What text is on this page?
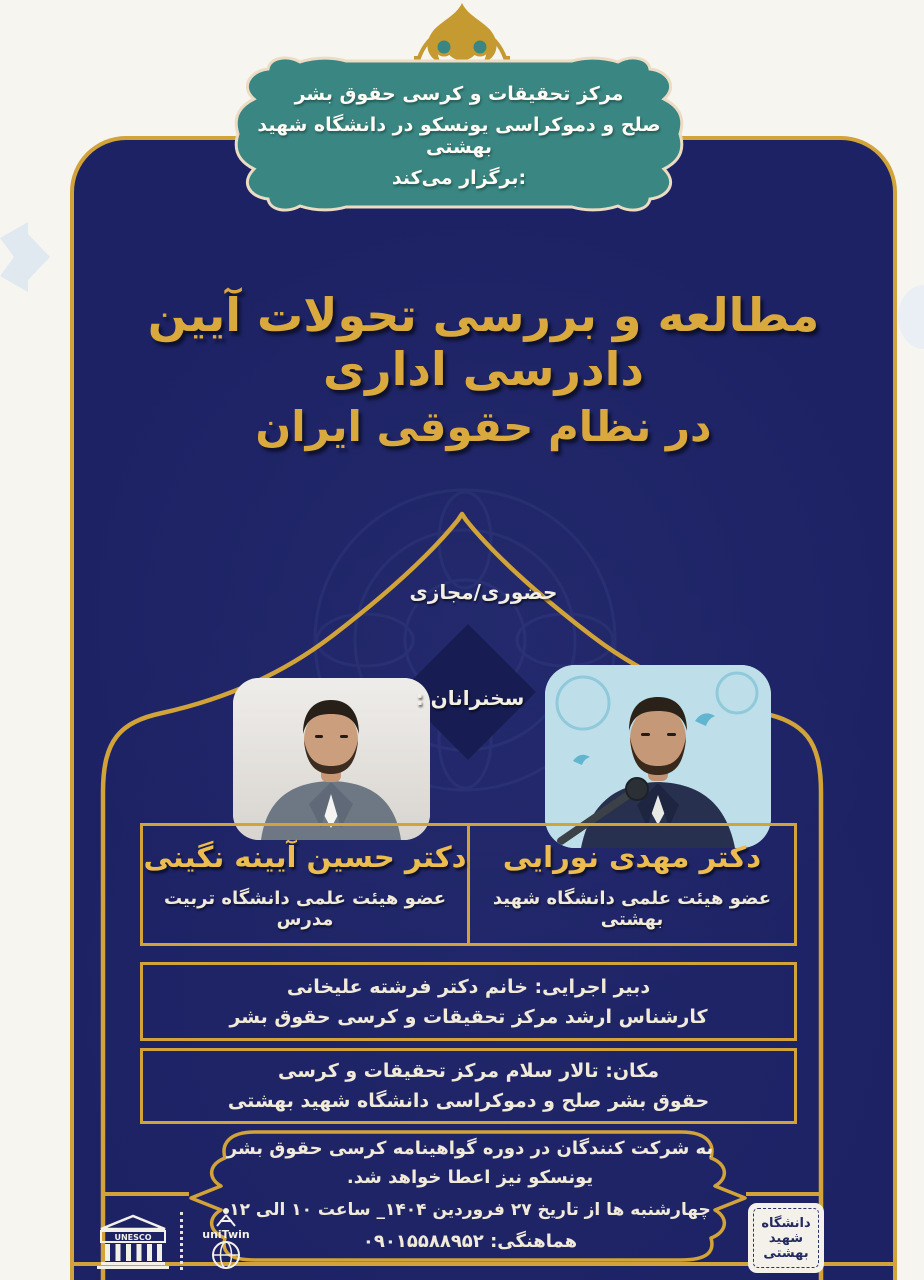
مرکز تحقیقات و کرسی حقوق بشر
صلح و دموکراسی یونسکو در دانشگاه شهید بهشتی
برگزار می‌کند:
مطالعه و بررسی تحولات آیین دادرسی اداری
در نظام حقوقی ایران
حضوری/مجازی
سخنرانان :
دکتر مهدی نورایی
عضو هیئت علمی دانشگاه شهید بهشتی
دکتر حسین آیینه نگینی
عضو هیئت علمی دانشگاه تربیت مدرس
دبیر اجرایی: خانم دکتر فرشته علیخانی
کارشناس ارشد مرکز تحقیقات و کرسی حقوق بشر
مکان: تالار سلام مرکز تحقیقات و کرسی
حقوق بشر صلح و دموکراسی دانشگاه شهید بهشتی
به شرکت کنندگان در دوره گواهینامه کرسی حقوق بشر
یونسکو نیز اعطا خواهد شد.
چهارشنبه ها از تاریخ ۲۷ فروردین ۱۴۰۴_ ساعت ۱۰ الی ۱۲
هماهنگی: ۰۹۰۱۵۵۸۸۹۵۲
UNESCO	uniTwin
دانشگاه
شهید
بهشتی
